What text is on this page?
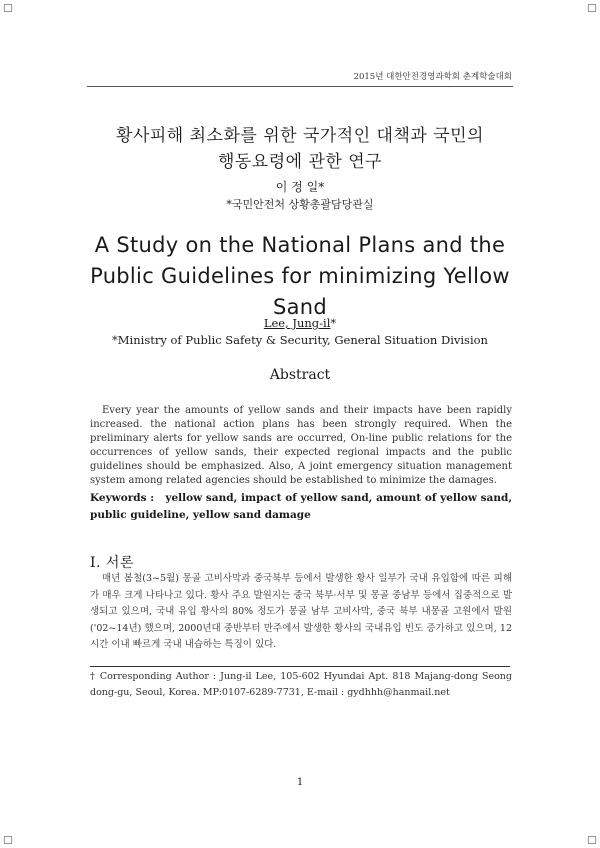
2015년 대한안전경영과학회 춘계학술대회
황사피해 최소화를 위한 국가적인 대책과 국민의
행동요령에 관한 연구
이 정 일*
*국민안전처 상황총괄담당관실
A Study on the National Plans and the
Public Guidelines for minimizing Yellow
Sand
Lee, Jung-il*
*Ministry of Public Safety & Security, General Situation Division
Abstract
Every year the amounts of yellow sands and their impacts have been rapidly increased. the national action plans has been strongly required. When the preliminary alerts for yellow sands are occurred, On-line public relations for the occurrences of yellow sands, their expected regional impacts and the public guidelines should be emphasized. Also, A joint emergency situation management system among related agencies should be established to minimize the damages.
Keywords : yellow sand, impact of yellow sand, amount of yellow sand, public guideline, yellow sand damage
Ⅰ. 서론
매년 봄철(3~5월) 몽골 고비사막과 중국북부 등에서 발생한 황사 일부가 국내 유입함에 따른 피해가 매우 크게 나타나고 있다. 황사 주요 발원지는 중국 북부·서부 및 몽골 중남부 등에서 집중적으로 발생되고 있으며, 국내 유입 황사의 80% 정도가 몽골 남부 고비사막, 중국 북부 내몽골 고원에서 발원('02~14년) 했으며, 2000년대 중반부터 만주에서 발생한 황사의 국내유입 빈도 증가하고 있으며, 12시간 이내 빠르게 국내 내습하는 특징이 있다.
† Corresponding Author : Jung-il Lee, 105-602 Hyundai Apt. 818 Majang-dong Seong dong-gu, Seoul, Korea. MP:0107-6289-7731, E-mail : gydhhh@hanmail.net
1
